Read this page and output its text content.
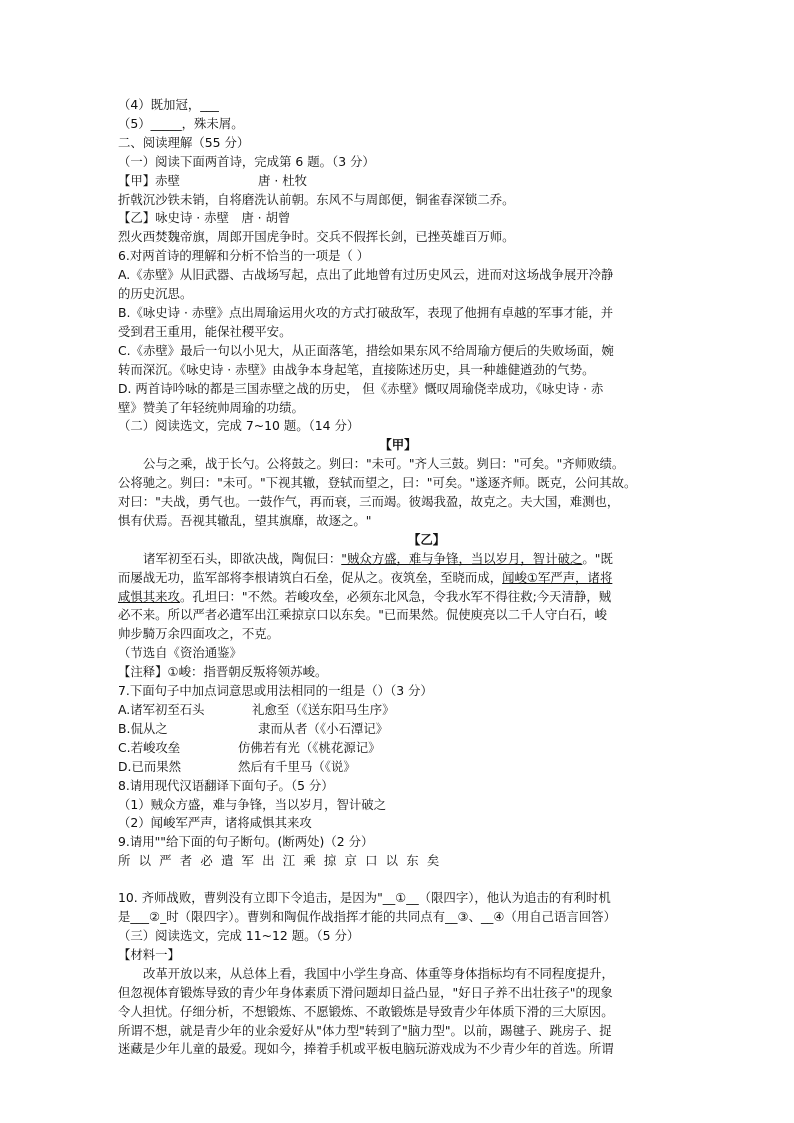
（4）既加冠，___
（5）_____，殊未屑。
二、阅读理解（55 分）
（一）阅读下面两首诗，完成第 6 题。（3 分）
【甲】赤壁	唐 · 杜牧
折戟沉沙铁未销，自将磨洗认前朝。东风不与周郎便，铜雀春深锁二乔。
【乙】咏史诗 · 赤壁　唐 · 胡曾
烈火西焚魏帝旗，周郎开国虎争时。交兵不假挥长剑，已挫英雄百万师。
6.对两首诗的理解和分析不恰当的一项是（ ）
A.《赤壁》从旧武器、古战场写起，点出了此地曾有过历史风云，进而对这场战争展开冷静
的历史沉思。
B.《咏史诗 · 赤壁》点出周瑜运用火攻的方式打破敌军，表现了他拥有卓越的军事才能，并
受到君王重用，能保社稷平安。
C.《赤壁》最后一句以小见大，从正面落笔，措绘如果东风不给周瑜方便后的失败场面，婉
转而深沉。《咏史诗 · 赤壁》由战争本身起笔，直接陈述历史，具一种雄健遒劲的气势。
D. 两首诗吟咏的都是三国赤壁之战的历史， 但《赤壁》慨叹周瑜侥幸成功，《咏史诗 · 赤
壁》赞美了年轻统帅周瑜的功绩。
（二）阅读选文，完成 7~10 题。（14 分）
【甲】
公与之乘，战于长勺。公将鼓之。刿曰："未可。"齐人三鼓。刿曰："可矣。"齐师败绩。
公将驰之。刿曰："未可。"下视其辙，登轼而望之，曰："可矣。"遂逐齐师。既克，公问其故。
对曰："夫战，勇气也。一鼓作气，再而衰，三而竭。彼竭我盈，故克之。夫大国，难测也，
惧有伏焉。吾视其辙乱，望其旗靡，故逐之。"
【乙】
诸军初至石头，即欲决战，陶侃曰："贼众方盛，难与争锋，当以岁月，智计破之。"既
而屡战无功，监军部将李根请筑白石垒，促从之。夜筑垒，至晓而成，闻峻①军严声，诸将
咸惧其来攻。孔坦曰："不然。若峻攻垒，必须东北风急，令我水军不得往救;今天清静，贼
必不来。所以严者必遣军出江乘掠京口以东矣。"已而果然。侃使庾亮以二千人守白石，峻
帅步騎万余四面攻之，不克。
（节选自《资治通鉴》
【注释】①峻：指晋朝反叛将领苏峻。
7.下面句子中加点词意思或用法相同的一组是（）（3 分）
A.诸军初至石头	礼愈至（《送东阳马生序》
B.侃从之	隶而从者（《小石潭记》
C.若峻攻垒	仿佛若有光（《桃花源记》
D.已而果然	然后有千里马（《说》
8.请用现代汉语翻译下面句子。（5 分）
（1）贼众方盛，难与争锋，当以岁月，智计破之
（2）闻峻军严声，诸将咸惧其来攻
9.请用""给下面的句子断句。(断两处)（2 分）
所以严者必遣军出江乘掠京口以东矣
10. 齐师战败，曹刿没有立即下令追击，是因为"__①__（限四字），他认为追击的有利时机
是___②_时（限四字）。曹刿和陶侃作战指挥才能的共同点有__③、__④（用自己语言回答）
（三）阅读选文，完成 11~12 题。（5 分）
【材料一】
改革开放以来，从总体上看，我国中小学生身高、体重等身体指标均有不同程度提升，
但忽视体育锻炼导致的青少年身体素质下滑问题却日益凸显，"好日子养不出壮孩子"的现象
令人担忧。仔细分析，不想锻炼、不愿锻炼、不敢锻炼是导致青少年体质下滑的三大原因。
所谓不想，就是青少年的业余爱好从"体力型"转到了"脑力型"。以前，踢毽子、跳房子、捉
迷藏是少年儿童的最爱。现如今，捧着手机或平板电脑玩游戏成为不少青少年的首选。所谓
